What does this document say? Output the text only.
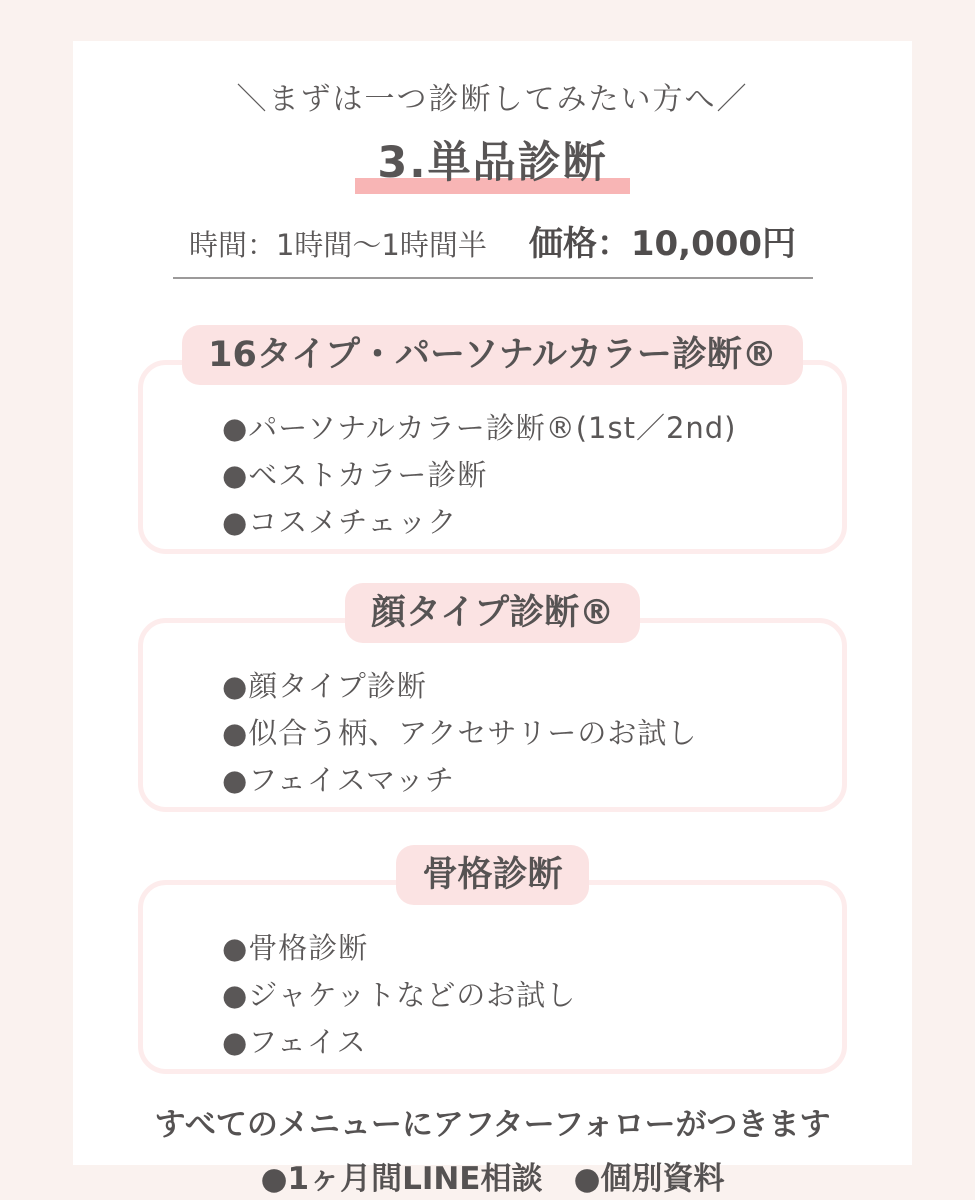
＼まずは一つ診断してみたい方へ／
3.単品診断
時間：1時間～1時間半 価格：10,000円
16タイプ・パーソナルカラー診断®
●パーソナルカラー診断®(1st／2nd)
●ベストカラー診断
●コスメチェック
顔タイプ診断®
●顔タイプ診断
●似合う柄、アクセサリーのお試し
●フェイスマッチ
骨格診断
●骨格診断
●ジャケットなどのお試し
●フェイス
すべてのメニューにアフターフォローがつきます
●1ヶ月間LINE相談　●個別資料
